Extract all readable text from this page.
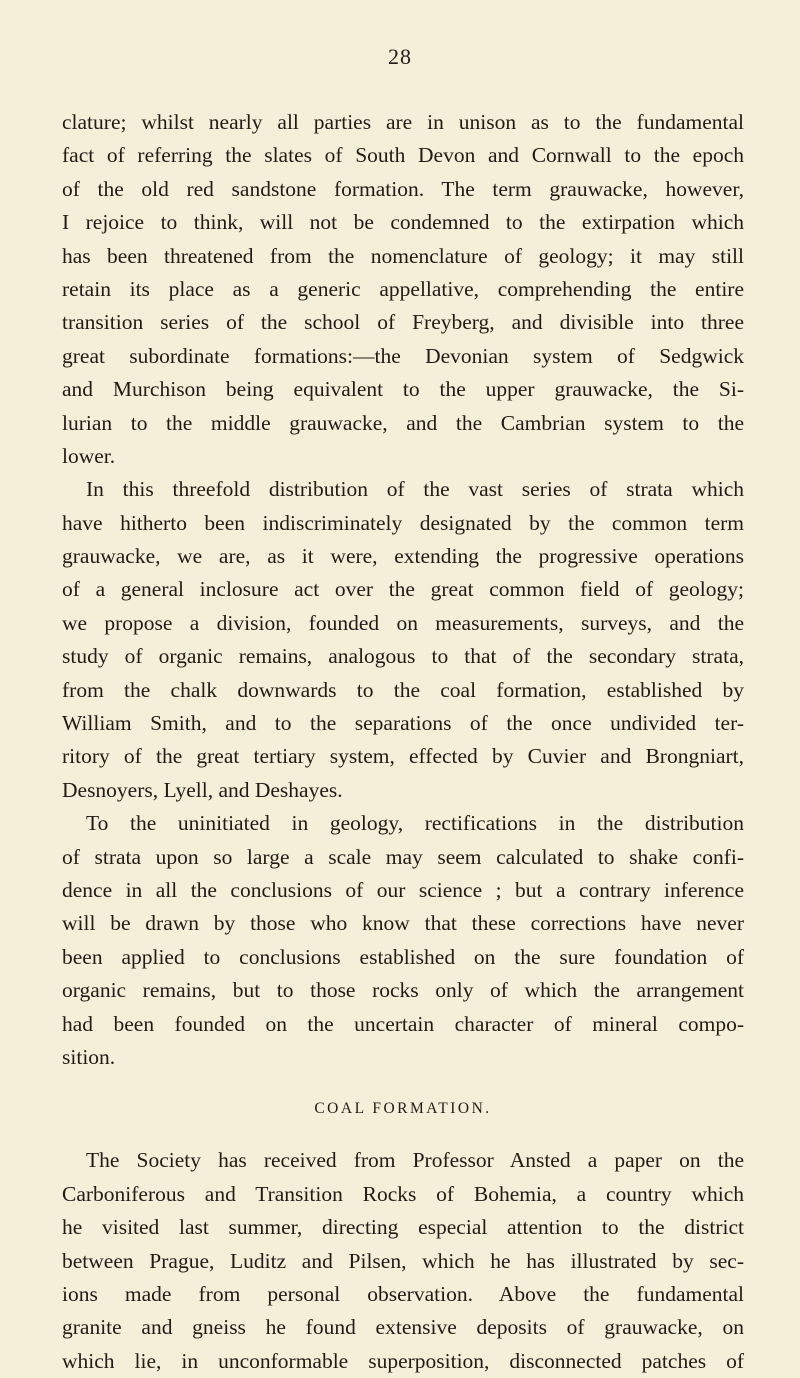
28
clature; whilst nearly all parties are in unison as to the fundamental
fact of referring the slates of South Devon and Cornwall to the epoch
of the old red sandstone formation. The term grauwacke, however,
I rejoice to think, will not be condemned to the extirpation which
has been threatened from the nomenclature of geology; it may still
retain its place as a generic appellative, comprehending the entire
transition series of the school of Freyberg, and divisible into three
great subordinate formations:—the Devonian system of Sedgwick
and Murchison being equivalent to the upper grauwacke, the Si-
lurian to the middle grauwacke, and the Cambrian system to the
lower.
In this threefold distribution of the vast series of strata which
have hitherto been indiscriminately designated by the common term
grauwacke, we are, as it were, extending the progressive operations
of a general inclosure act over the great common field of geology;
we propose a division, founded on measurements, surveys, and the
study of organic remains, analogous to that of the secondary strata,
from the chalk downwards to the coal formation, established by
William Smith, and to the separations of the once undivided ter-
ritory of the great tertiary system, effected by Cuvier and Brongniart,
Desnoyers, Lyell, and Deshayes.
To the uninitiated in geology, rectifications in the distribution
of strata upon so large a scale may seem calculated to shake confi-
dence in all the conclusions of our science ; but a contrary inference
will be drawn by those who know that these corrections have never
been applied to conclusions established on the sure foundation of
organic remains, but to those rocks only of which the arrangement
had been founded on the uncertain character of mineral compo-
sition.
COAL FORMATION.
The Society has received from Professor Ansted a paper on the
Carboniferous and Transition Rocks of Bohemia, a country which
he visited last summer, directing especial attention to the district
between Prague, Luditz and Pilsen, which he has illustrated by sec-
ions made from personal observation. Above the fundamental
granite and gneiss he found extensive deposits of grauwacke, on
which lie, in unconformable superposition, disconnected patches of
